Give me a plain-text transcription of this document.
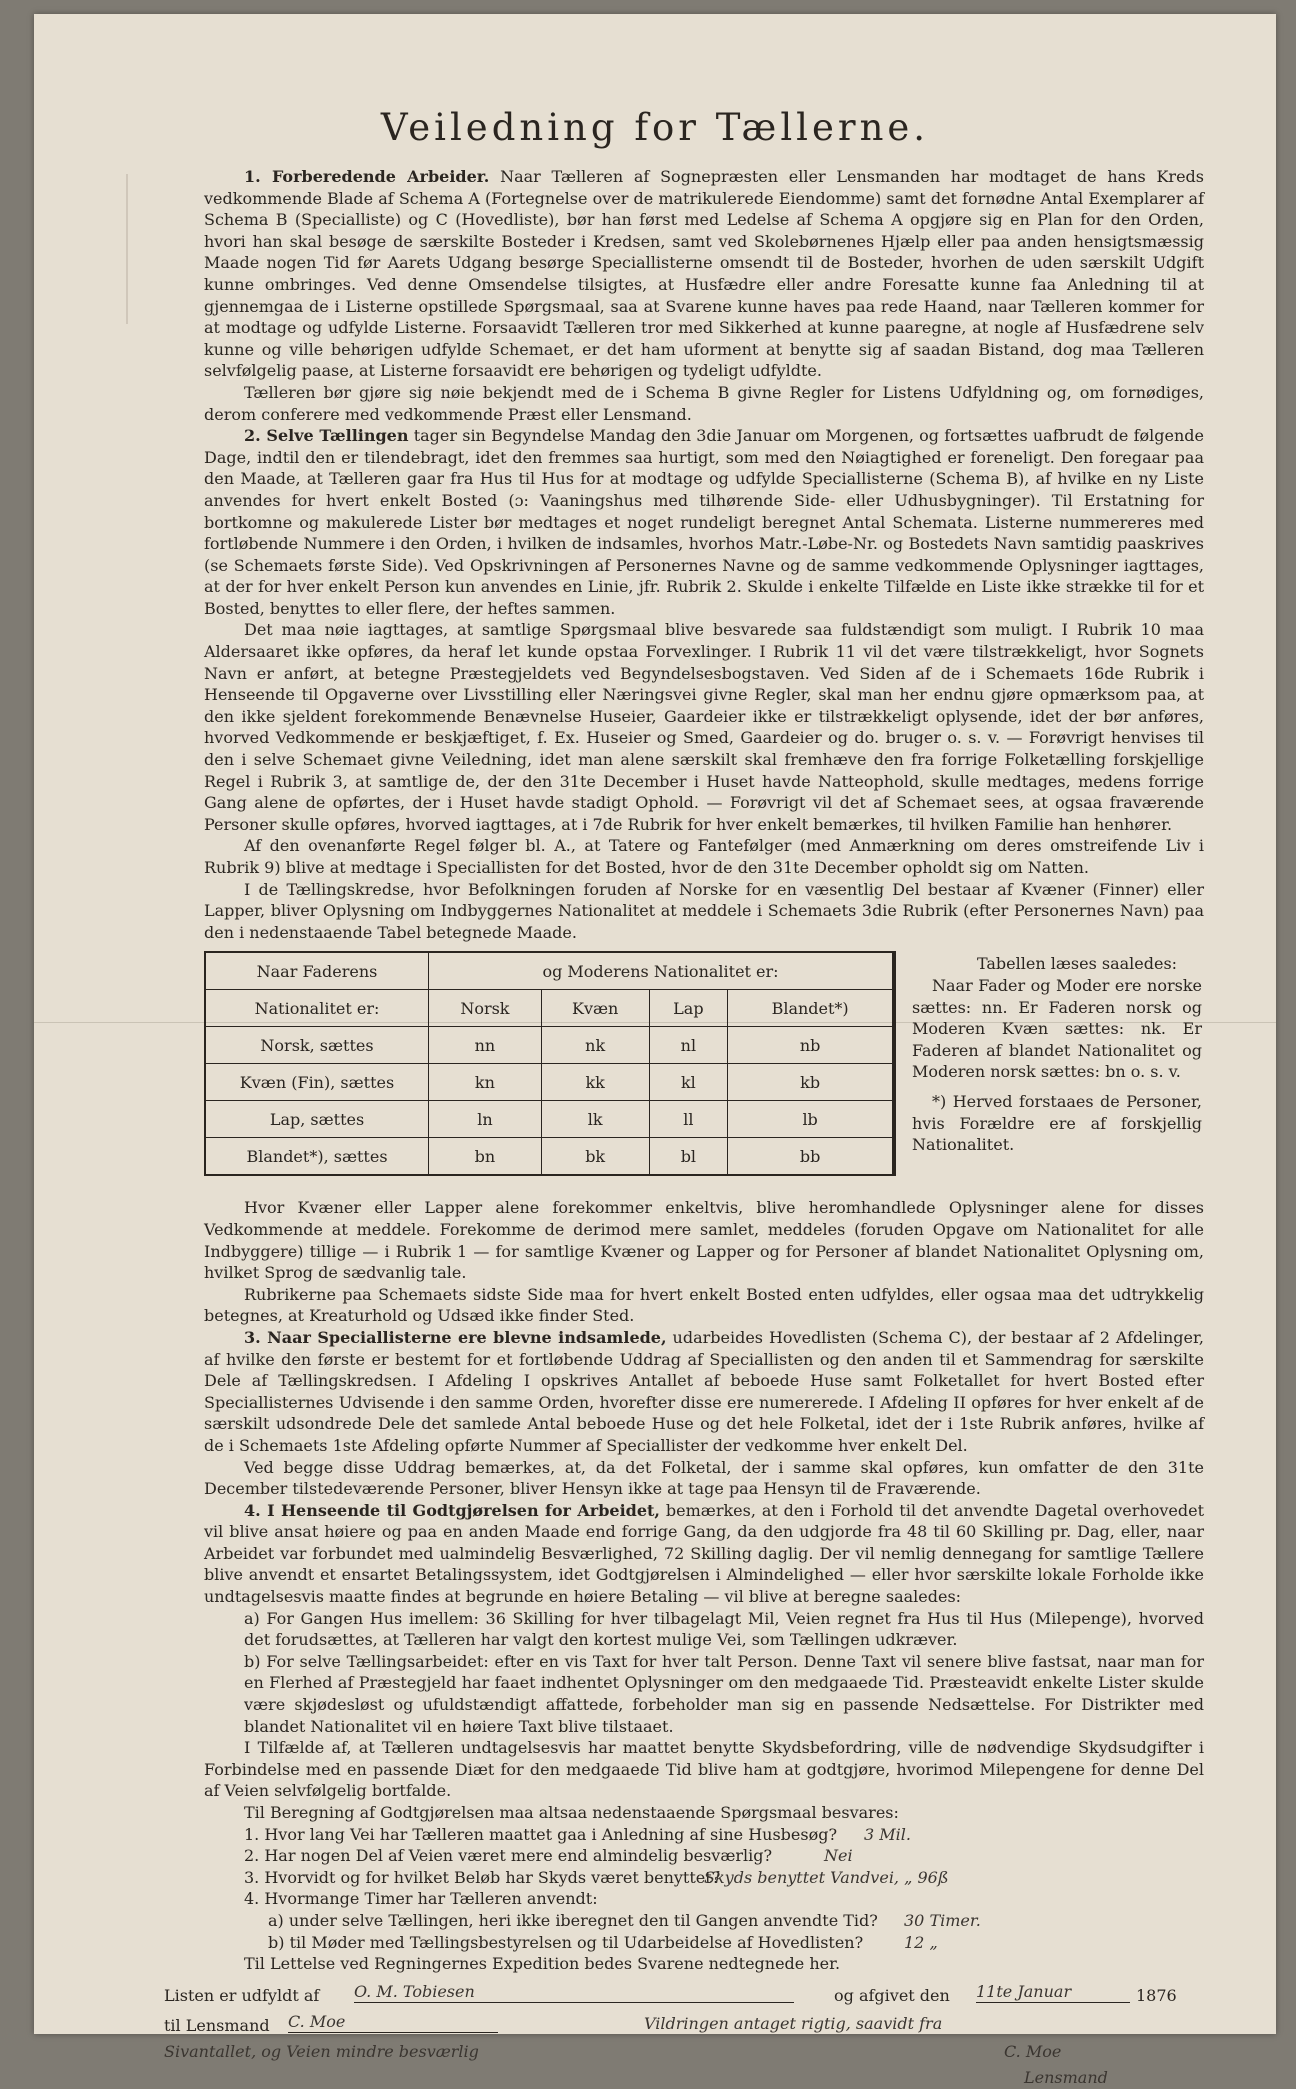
Veiledning for Tællerne.

1. Forberedende Arbeider. Naar Tælleren af Sognepræsten eller Lensmanden har modtaget de hans Kreds vedkommende Blade af Schema A (Fortegnelse over de matrikulerede Eiendomme) samt det fornødne Antal Exemplarer af Schema B (Specialliste) og C (Hovedliste), bør han først med Ledelse af Schema A opgjøre sig en Plan for den Orden, hvori han skal besøge de særskilte Bosteder i Kredsen, samt ved Skolebørnenes Hjælp eller paa anden hensigtsmæssig Maade nogen Tid før Aarets Udgang besørge Speciallisterne omsendt til de Bosteder, hvorhen de uden særskilt Udgift kunne ombringes. Ved denne Omsendelse tilsigtes, at Husfædre eller andre Foresatte kunne faa Anledning til at gjennemgaa de i Listerne opstillede Spørgsmaal, saa at Svarene kunne haves paa rede Haand, naar Tælleren kommer for at modtage og udfylde Listerne. Forsaavidt Tælleren tror med Sikkerhed at kunne paaregne, at nogle af Husfædrene selv kunne og ville behørigen udfylde Schemaet, er det ham uforment at benytte sig af saadan Bistand, dog maa Tælleren selvfølgelig paase, at Listerne forsaavidt ere behørigen og tydeligt udfyldte.

Tælleren bør gjøre sig nøie bekjendt med de i Schema B givne Regler for Listens Udfyldning og, om fornødiges, derom conferere med vedkommende Præst eller Lensmand.

2. Selve Tællingen tager sin Begyndelse Mandag den 3die Januar om Morgenen, og fortsættes uafbrudt de følgende Dage, indtil den er tilendebragt, idet den fremmes saa hurtigt, som med den Nøiagtighed er foreneligt. Den foregaar paa den Maade, at Tælleren gaar fra Hus til Hus for at modtage og udfylde Speciallisterne (Schema B), af hvilke en ny Liste anvendes for hvert enkelt Bosted (ɔ: Vaaningshus med tilhørende Side- eller Udhusbygninger). Til Erstatning for bortkomne og makulerede Lister bør medtages et noget rundeligt beregnet Antal Schemata. Listerne nummereres med fortløbende Nummere i den Orden, i hvilken de indsamles, hvorhos Matr.-Løbe-Nr. og Bostedets Navn samtidig paaskrives (se Schemaets første Side). Ved Opskrivningen af Personernes Navne og de samme vedkommende Oplysninger iagttages, at der for hver enkelt Person kun anvendes en Linie, jfr. Rubrik 2. Skulde i enkelte Tilfælde en Liste ikke strække til for et Bosted, benyttes to eller flere, der heftes sammen.

Det maa nøie iagttages, at samtlige Spørgsmaal blive besvarede saa fuldstændigt som muligt. I Rubrik 10 maa Aldersaaret ikke opføres, da heraf let kunde opstaa Forvexlinger. I Rubrik 11 vil det være tilstrækkeligt, hvor Sognets Navn er anført, at betegne Præstegjeldets ved Begyndelsesbogstaven. Ved Siden af de i Schemaets 16de Rubrik i Henseende til Opgaverne over Livsstilling eller Næringsvei givne Regler, skal man her endnu gjøre opmærksom paa, at den ikke sjeldent forekommende Benævnelse Huseier, Gaardeier ikke er tilstrækkeligt oplysende, idet der bør anføres, hvorved Vedkommende er beskjæftiget, f. Ex. Huseier og Smed, Gaardeier og do. bruger o. s. v. — Forøvrigt henvises til den i selve Schemaet givne Veiledning, idet man alene særskilt skal fremhæve den fra forrige Folketælling forskjellige Regel i Rubrik 3, at samtlige de, der den 31te December i Huset havde Natteophold, skulle medtages, medens forrige Gang alene de opførtes, der i Huset havde stadigt Ophold. — Forøvrigt vil det af Schemaet sees, at ogsaa fraværende Personer skulle opføres, hvorved iagttages, at i 7de Rubrik for hver enkelt bemærkes, til hvilken Familie han henhører.

Af den ovenanførte Regel følger bl. A., at Tatere og Fantefølger (med Anmærkning om deres omstreifende Liv i Rubrik 9) blive at medtage i Speciallisten for det Bosted, hvor de den 31te December opholdt sig om Natten.

I de Tællingskredse, hvor Befolkningen foruden af Norske for en væsentlig Del bestaar af Kvæner (Finner) eller Lapper, bliver Oplysning om Indbyggernes Nationalitet at meddele i Schemaets 3die Rubrik (efter Personernes Navn) paa den i nedenstaaende Tabel betegnede Maade.

Naar Faderens	og Moderens Nationalitet er:			
Nationalitet er:	Norsk	Kvæn	Lap	Blandet*)
Norsk, sættes	nn	nk	nl	nb
Kvæn (Fin), sættes	kn	kk	kl	kb
Lap, sættes	ln	lk	ll	lb
Blandet*), sættes	bn	bk	bl	bb

Tabellen læses saaledes:

Naar Fader og Moder ere norske sættes: nn. Er Faderen norsk og Moderen Kvæn sættes: nk. Er Faderen af blandet Nationalitet og Moderen norsk sættes: bn o. s. v.

*) Herved forstaaes de Personer, hvis Forældre ere af forskjellig Nationalitet.

Hvor Kvæner eller Lapper alene forekommer enkeltvis, blive heromhandlede Oplysninger alene for disses Vedkommende at meddele. Forekomme de derimod mere samlet, meddeles (foruden Opgave om Nationalitet for alle Indbyggere) tillige — i Rubrik 1 — for samtlige Kvæner og Lapper og for Personer af blandet Nationalitet Oplysning om, hvilket Sprog de sædvanlig tale.

Rubrikerne paa Schemaets sidste Side maa for hvert enkelt Bosted enten udfyldes, eller ogsaa maa det udtrykkelig betegnes, at Kreaturhold og Udsæd ikke finder Sted.

3. Naar Speciallisterne ere blevne indsamlede, udarbeides Hovedlisten (Schema C), der bestaar af 2 Afdelinger, af hvilke den første er bestemt for et fortløbende Uddrag af Speciallisten og den anden til et Sammendrag for særskilte Dele af Tællingskredsen. I Afdeling I opskrives Antallet af beboede Huse samt Folketallet for hvert Bosted efter Speciallisternes Udvisende i den samme Orden, hvorefter disse ere numererede. I Afdeling II opføres for hver enkelt af de særskilt udsondrede Dele det samlede Antal beboede Huse og det hele Folketal, idet der i 1ste Rubrik anføres, hvilke af de i Schemaets 1ste Afdeling opførte Nummer af Speciallister der vedkomme hver enkelt Del.

Ved begge disse Uddrag bemærkes, at, da det Folketal, der i samme skal opføres, kun omfatter de den 31te December tilstedeværende Personer, bliver Hensyn ikke at tage paa Hensyn til de Fraværende.

4. I Henseende til Godtgjørelsen for Arbeidet, bemærkes, at den i Forhold til det anvendte Dagetal overhovedet vil blive ansat høiere og paa en anden Maade end forrige Gang, da den udgjorde fra 48 til 60 Skilling pr. Dag, eller, naar Arbeidet var forbundet med ualmindelig Besværlighed, 72 Skilling daglig. Der vil nemlig dennegang for samtlige Tællere blive anvendt et ensartet Betalingssystem, idet Godtgjørelsen i Almindelighed — eller hvor særskilte lokale Forholde ikke undtagelsesvis maatte findes at begrunde en høiere Betaling — vil blive at beregne saaledes:

a) For Gangen Hus imellem: 36 Skilling for hver tilbagelagt Mil, Veien regnet fra Hus til Hus (Milepenge), hvorved det forudsættes, at Tælleren har valgt den kortest mulige Vei, som Tællingen udkræver.

b) For selve Tællingsarbeidet: efter en vis Taxt for hver talt Person. Denne Taxt vil senere blive fastsat, naar man for en Flerhed af Præstegjeld har faaet indhentet Oplysninger om den medgaaede Tid. Præsteavidt enkelte Lister skulde være skjødesløst og ufuldstændigt affattede, forbeholder man sig en passende Nedsættelse. For Distrikter med blandet Nationalitet vil en høiere Taxt blive tilstaaet.

I Tilfælde af, at Tælleren undtagelsesvis har maattet benytte Skydsbefordring, ville de nødvendige Skydsudgifter i Forbindelse med en passende Diæt for den medgaaede Tid blive ham at godtgjøre, hvorimod Milepengene for denne Del af Veien selvfølgelig bortfalde.

Til Beregning af Godtgjørelsen maa altsaa nedenstaaende Spørgsmaal besvares:

1. Hvor lang Vei har Tælleren maattet gaa i Anledning af sine Husbesøg? 3 Mil.
2. Har nogen Del af Veien været mere end almindelig besværlig?	Nei
3. Hvorvidt og for hvilket Beløb har Skyds været benyttet?
Skyds benyttet Vandvei, „ 96ß
4. Hvormange Timer har Tælleren anvendt:
a) under selve Tællingen, heri ikke iberegnet den til Gangen anvendte Tid? 30 Timer.
b) til Møder med Tællingsbestyrelsen og til Udarbeidelse af Hovedlisten?	12 „

Til Lettelse ved Regningernes Expedition bedes Svarene nedtegnede her.

Listen er udfyldt af O. M. Tobiesen	og afgivet den 11te Januar	1876
til Lensmand C. Moe	Vildringen antaget rigtig, saavidt fra
Sivantallet, og Veien mindre besværlig	C. Moe
Lensmand
